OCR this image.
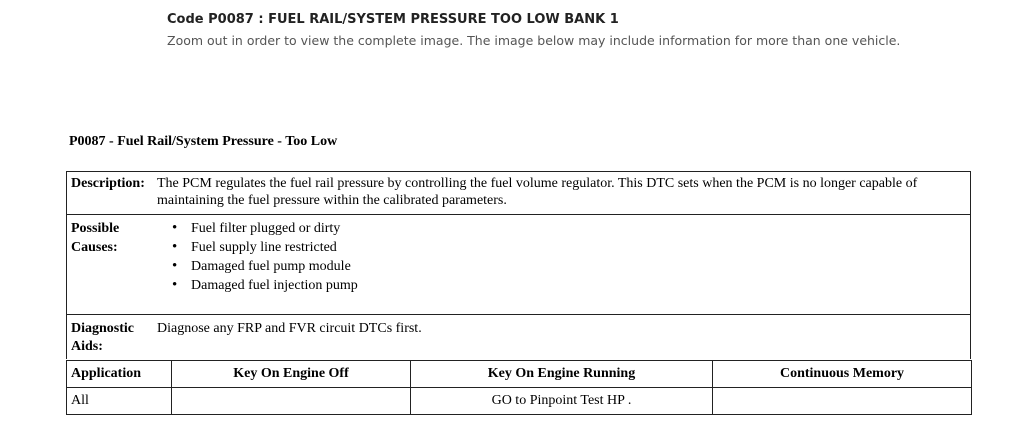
Code P0087 : FUEL RAIL/SYSTEM PRESSURE TOO LOW BANK 1
Zoom out in order to view the complete image. The image below may include information for more than one vehicle.
P0087 - Fuel Rail/System Pressure - Too Low
Description: The PCM regulates the fuel rail pressure by controlling the fuel volume regulator. This DTC sets when the PCM is no longer capable of
maintaining the fuel pressure within the calibrated parameters.
Possible
Causes:
• Fuel filter plugged or dirty
• Fuel supply line restricted
• Damaged fuel pump module
• Damaged fuel injection pump
Diagnostic
Aids:
Diagnose any FRP and FVR circuit DTCs first.
Application	Key On Engine Off	Key On Engine Running	Continuous Memory
All		GO to Pinpoint Test HP .	
